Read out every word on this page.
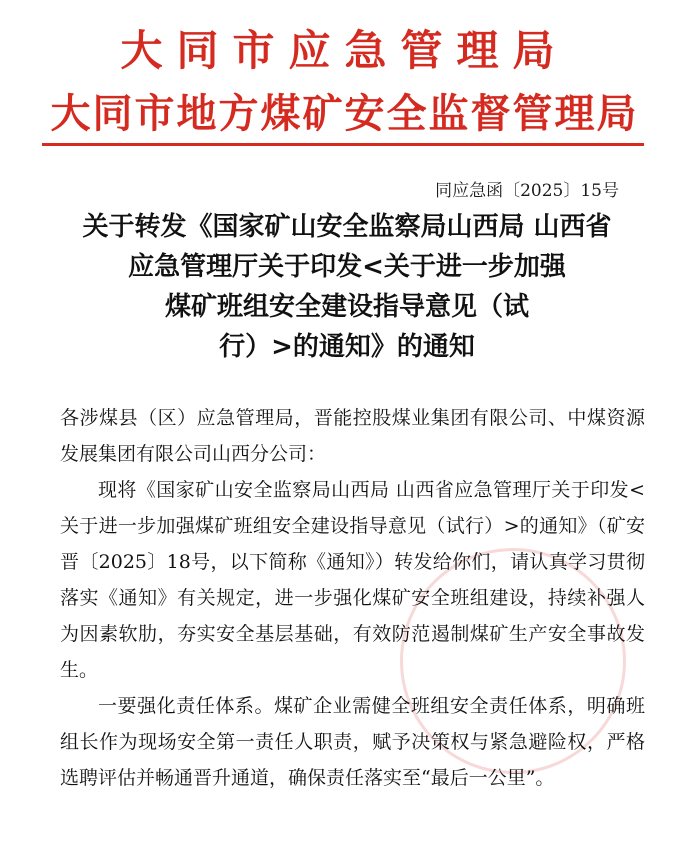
大同市应急管理局
大同市地方煤矿安全监督管理局
同应急函〔2025〕15号
关于转发《国家矿山安全监察局山西局 山西省
应急管理厅关于印发<关于进一步加强
煤矿班组安全建设指导意见（试
行）>的通知》的通知

各涉煤县（区）应急管理局，晋能控股煤业集团有限公司、中煤资源发展集团有限公司山西分公司：

现将《国家矿山安全监察局山西局 山西省应急管理厅关于印发<关于进一步加强煤矿班组安全建设指导意见（试行）>的通知》（矿安晋〔2025〕18号，以下简称《通知》）转发给你们，请认真学习贯彻落实《通知》有关规定，进一步强化煤矿安全班组建设，持续补强人为因素软肋，夯实安全基层基础，有效防范遏制煤矿生产安全事故发生。

一要强化责任体系。煤矿企业需健全班组安全责任体系，明确班组长作为现场安全第一责任人职责，赋予决策权与紧急避险权，严格选聘评估并畅通晋升通道，确保责任落实至“最后一公里”。
